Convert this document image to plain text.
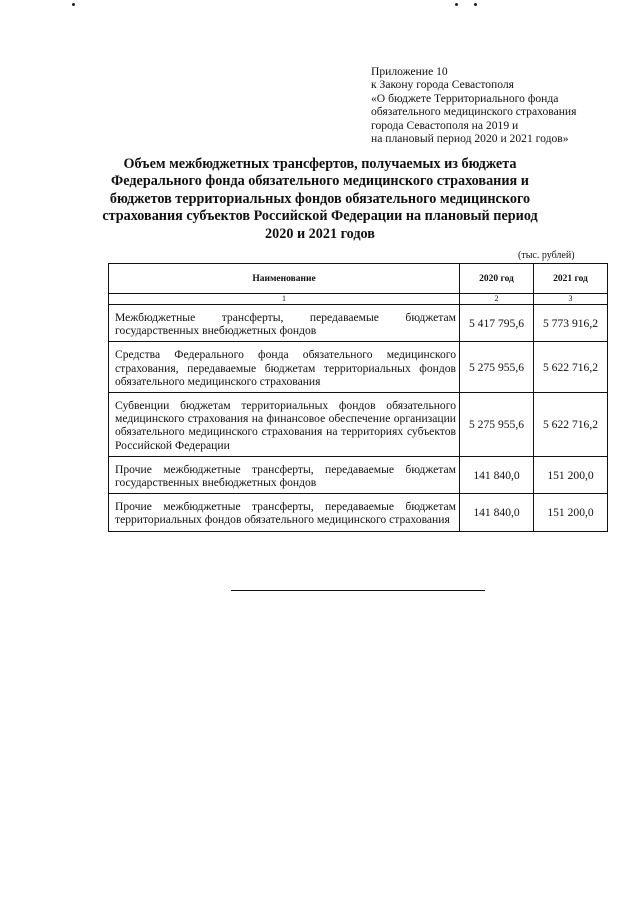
Приложение 10
к Закону города Севастополя
«О бюджете Территориального фонда
обязательного медицинского страхования
города Севастополя на 2019 и
на плановый период 2020 и 2021 годов»
Объем межбюджетных трансфертов, получаемых из бюджета
Федерального фонда обязательного медицинского страхования и
бюджетов территориальных фондов обязательного медицинского
страхования субъектов Российской Федерации на плановый период
2020 и 2021 годов
(тыс. рублей)
Наименование	2020 год	2021 год
1	2	3
Межбюджетные трансферты, передаваемые бюджетам государственных внебюджетных фондов	5 417 795,6	5 773 916,2
Средства Федерального фонда обязательного медицинского страхования, передаваемые бюджетам территориальных фондов обязательного медицинского страхования	5 275 955,6	5 622 716,2
Субвенции бюджетам территориальных фондов обязательного медицинского страхования на финансовое обеспечение организации обязательного медицинского страхования на территориях субъектов Российской Федерации	5 275 955,6	5 622 716,2
Прочие межбюджетные трансферты, передаваемые бюджетам государственных внебюджетных фондов	141 840,0	151 200,0
Прочие межбюджетные трансферты, передаваемые бюджетам территориальных фондов обязательного медицинского страхования	141 840,0	151 200,0
